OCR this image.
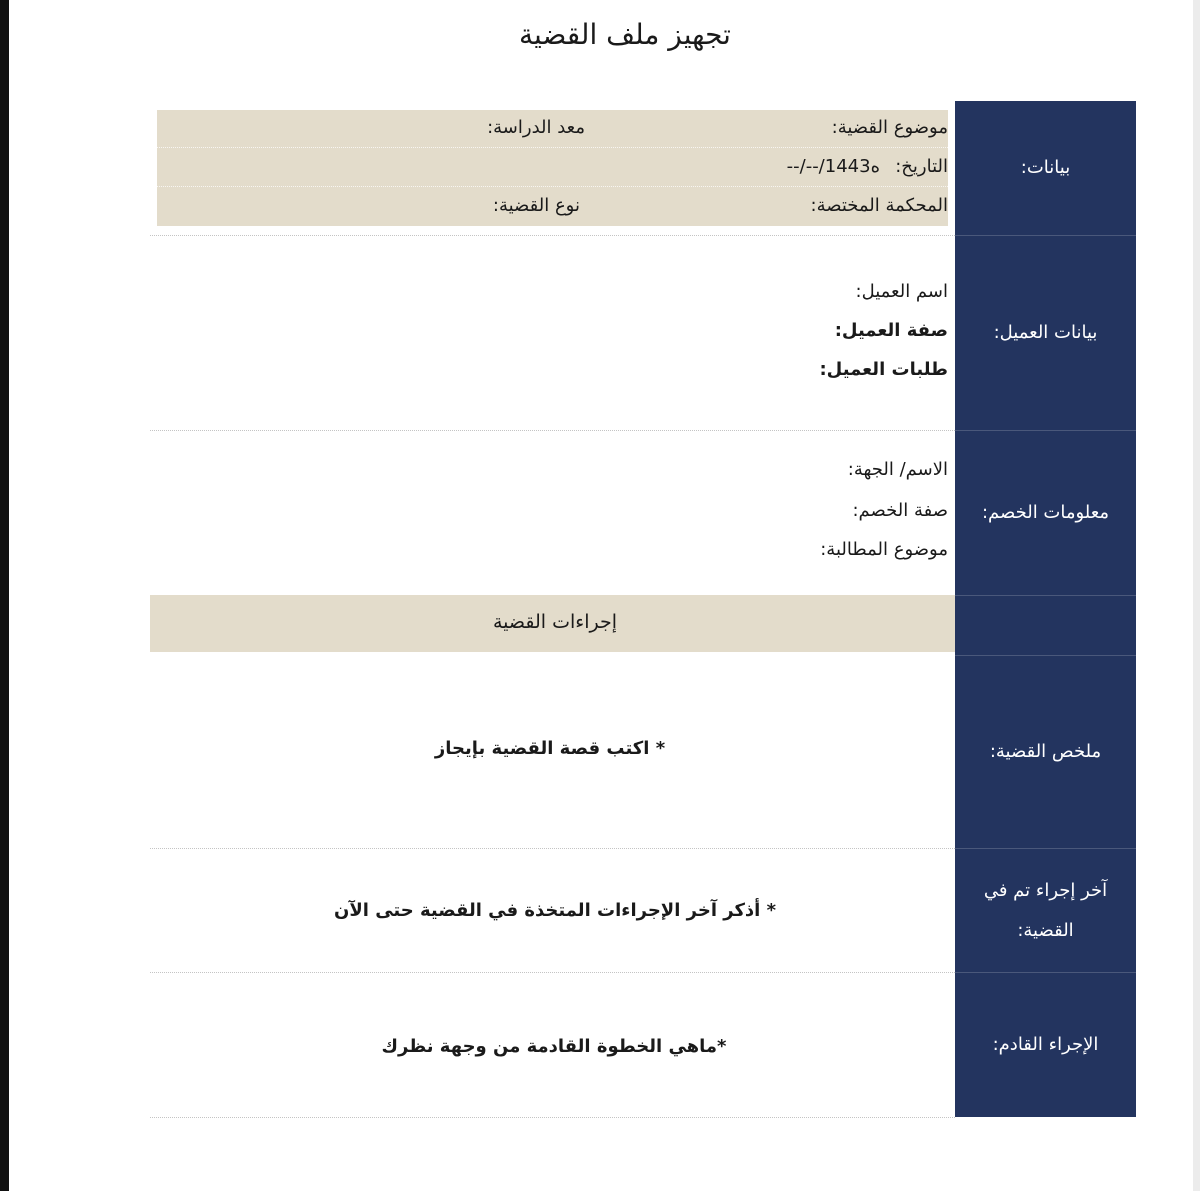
تجهيز ملف القضية
بيانات:
بيانات العميل:
معلومات الخصم:
ملخص القضية:
آخر إجراء تم في
القضية:
الإجراء القادم:
موضوع القضية:
التاريخ:
--/--/1443ه
المحكمة المختصة:
معد الدراسة:
نوع القضية:
اسم العميل:
صفة العميل:
طلبات العميل:
الاسم/ الجهة:
صفة الخصم:
موضوع المطالبة:
إجراءات القضية
* اكتب قصة القضية بإيجاز
* أذكر آخر الإجراءات المتخذة في القضية حتى الآن
*ماهي الخطوة القادمة من وجهة نظرك
